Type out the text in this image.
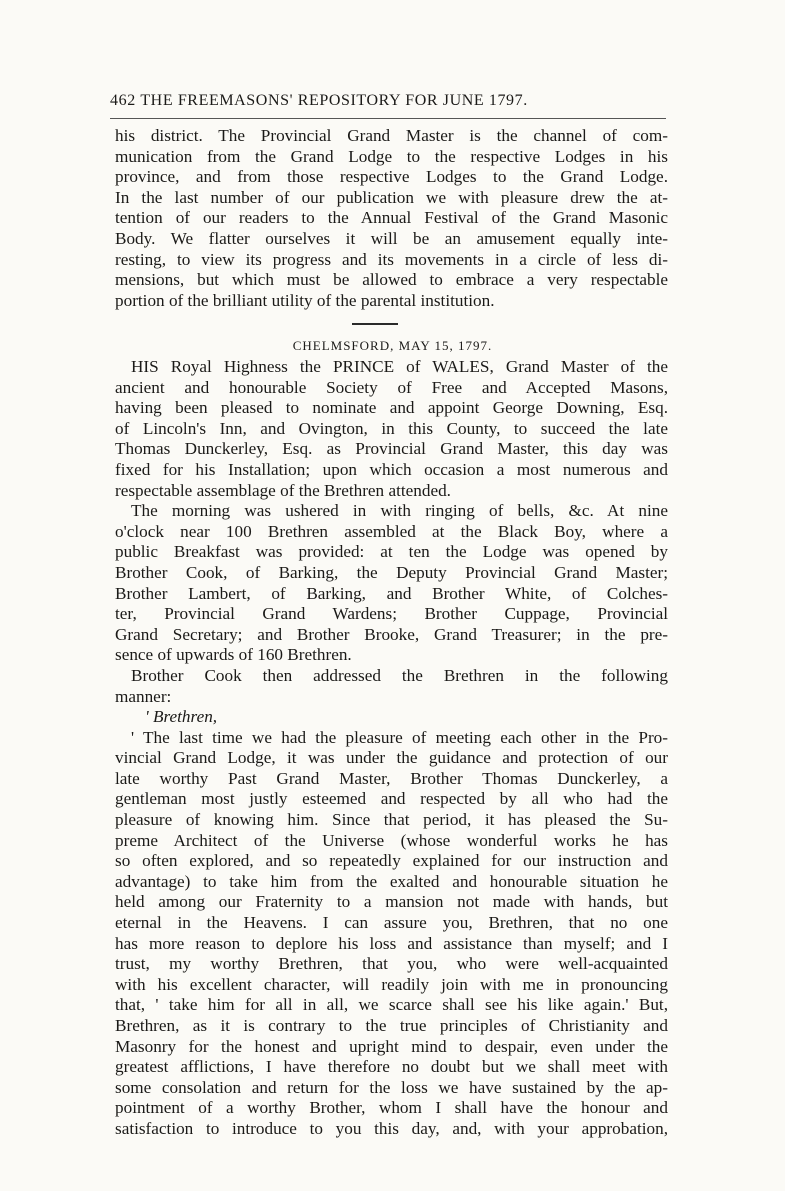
462 THE FREEMASONS' REPOSITORY FOR JUNE 1797.
his district. The Provincial Grand Master is the channel of com-
munication from the Grand Lodge to the respective Lodges in his
province, and from those respective Lodges to the Grand Lodge.
In the last number of our publication we with pleasure drew the at-
tention of our readers to the Annual Festival of the Grand Masonic
Body. We flatter ourselves it will be an amusement equally inte-
resting, to view its progress and its movements in a circle of less di-
mensions, but which must be allowed to embrace a very respectable
portion of the brilliant utility of the parental institution.
CHELMSFORD, MAY 15, 1797.
HIS Royal Highness the PRINCE of WALES, Grand Master of the
ancient and honourable Society of Free and Accepted Masons,
having been pleased to nominate and appoint George Downing, Esq.
of Lincoln's Inn, and Ovington, in this County, to succeed the late
Thomas Dunckerley, Esq. as Provincial Grand Master, this day was
fixed for his Installation; upon which occasion a most numerous and
respectable assemblage of the Brethren attended.
The morning was ushered in with ringing of bells, &c. At nine
o'clock near 100 Brethren assembled at the Black Boy, where a
public Breakfast was provided: at ten the Lodge was opened by
Brother Cook, of Barking, the Deputy Provincial Grand Master;
Brother Lambert, of Barking, and Brother White, of Colches-
ter, Provincial Grand Wardens; Brother Cuppage, Provincial
Grand Secretary; and Brother Brooke, Grand Treasurer; in the pre-
sence of upwards of 160 Brethren.
Brother Cook then addressed the Brethren in the following
manner:
' Brethren,
' The last time we had the pleasure of meeting each other in the Pro-
vincial Grand Lodge, it was under the guidance and protection of our
late worthy Past Grand Master, Brother Thomas Dunckerley, a
gentleman most justly esteemed and respected by all who had the
pleasure of knowing him. Since that period, it has pleased the Su-
preme Architect of the Universe (whose wonderful works he has
so often explored, and so repeatedly explained for our instruction and
advantage) to take him from the exalted and honourable situation he
held among our Fraternity to a mansion not made with hands, but
eternal in the Heavens. I can assure you, Brethren, that no one
has more reason to deplore his loss and assistance than myself; and I
trust, my worthy Brethren, that you, who were well-acquainted
with his excellent character, will readily join with me in pronouncing
that, ' take him for all in all, we scarce shall see his like again.' But,
Brethren, as it is contrary to the true principles of Christianity and
Masonry for the honest and upright mind to despair, even under the
greatest afflictions, I have therefore no doubt but we shall meet with
some consolation and return for the loss we have sustained by the ap-
pointment of a worthy Brother, whom I shall have the honour and
satisfaction to introduce to you this day, and, with your approbation,
